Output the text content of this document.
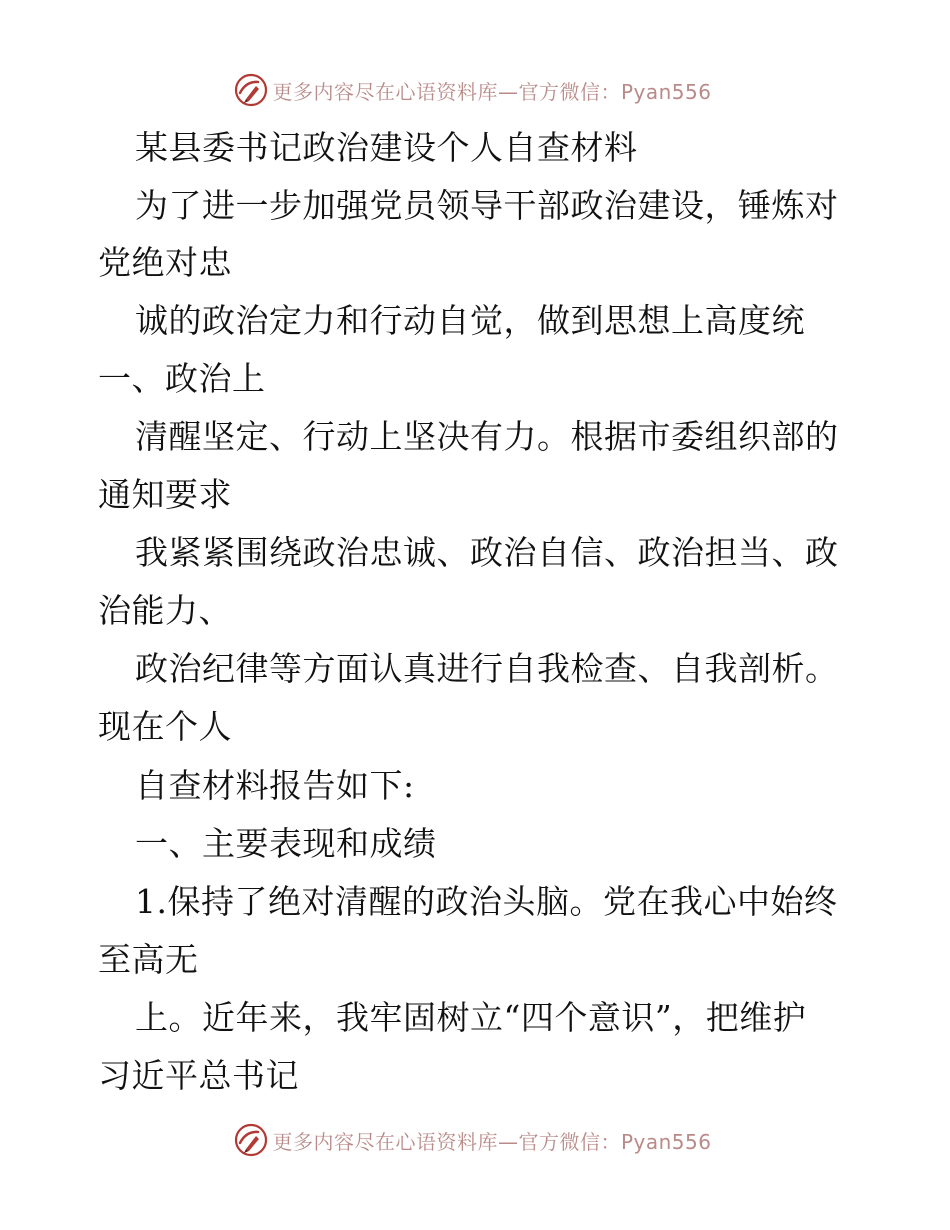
更多内容尽在心语资料库—官方微信：Pyan556
某县委书记政治建设个人自查材料
为了进一步加强党员领导干部政治建设，锤炼对
党绝对忠
诚的政治定力和行动自觉，做到思想上高度统
一、政治上
清醒坚定、行动上坚决有力。根据市委组织部的
通知要求
我紧紧围绕政治忠诚、政治自信、政治担当、政
治能力、
政治纪律等方面认真进行自我检查、自我剖析。
现在个人
自查材料报告如下:
一、主要表现和成绩
1.保持了绝对清醒的政治头脑。党在我心中始终
至高无
上。近年来，我牢固树立“四个意识”，把维护
习近平总书记
更多内容尽在心语资料库—官方微信：Pyan556
